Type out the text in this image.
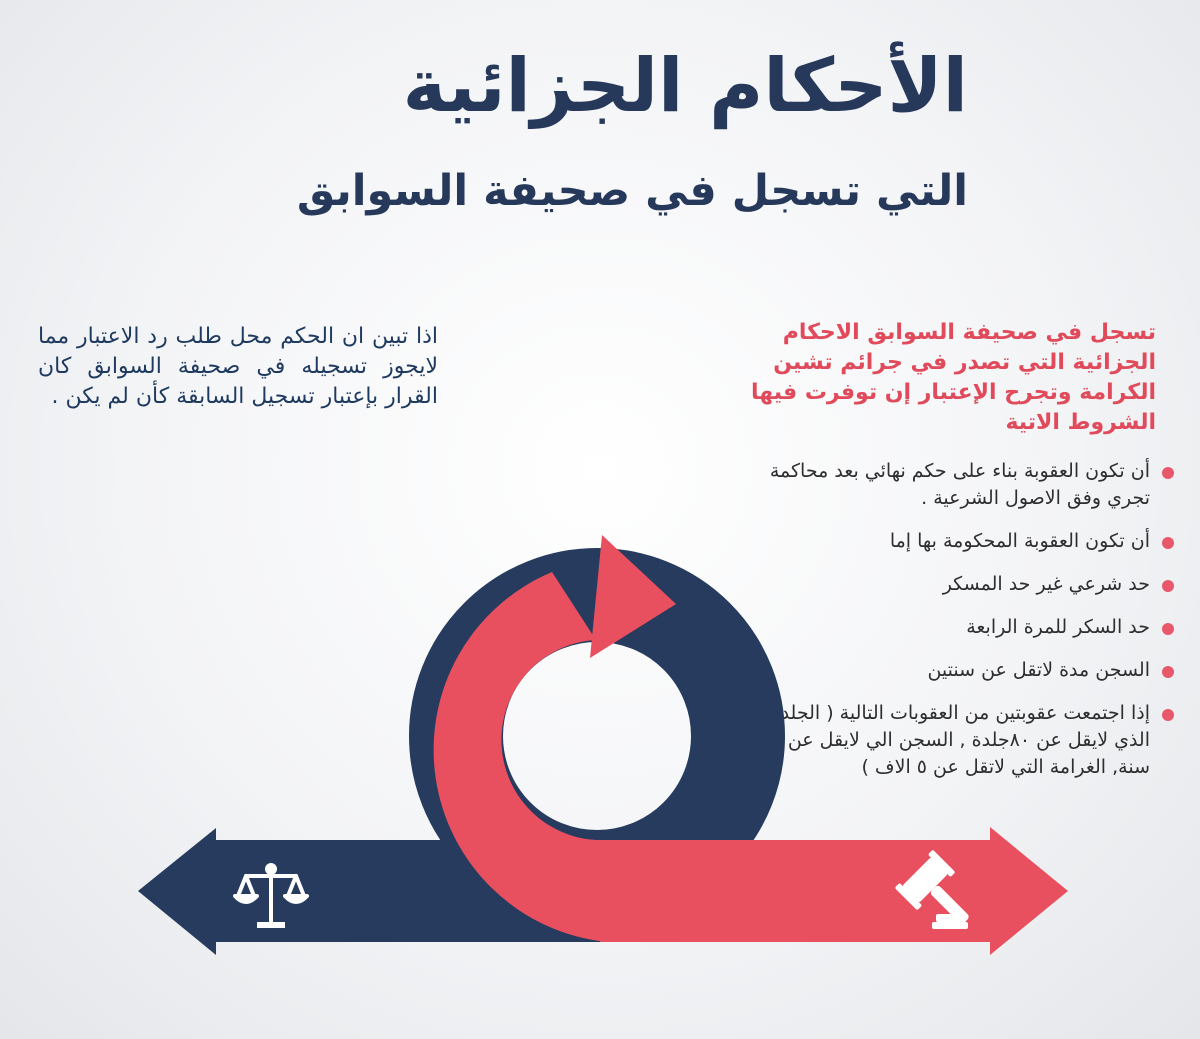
الأحكام الجزائية
التي تسجل في صحيفة السوابق

اذا تبين ان الحكم محل طلب رد الاعتبار مما لايجوز تسجيله في صحيفة السوابق كان القرار بإعتبار تسجيل السابقة كأن لم يكن .

تسجل في صحيفة السوابق الاحكام الجزائية التي تصدر في جرائم تشين الكرامة وتجرح الإعتبار إن توفرت فيها الشروط الاتية

أن تكون العقوبة بناء على حكم نهائي بعد محاكمة تجري وفق الاصول الشرعية .
أن تكون العقوبة المحكومة بها إما
حد شرعي غير حد المسكر
حد السكر للمرة الرابعة
السجن مدة لاتقل عن سنتين
إذا اجتمعت عقوبتين من العقوبات التالية ( الجلد الذي لايقل عن ٨٠جلدة , السجن الي لايقل عن سنة, الغرامة التي لاتقل عن ٥ الاف )
